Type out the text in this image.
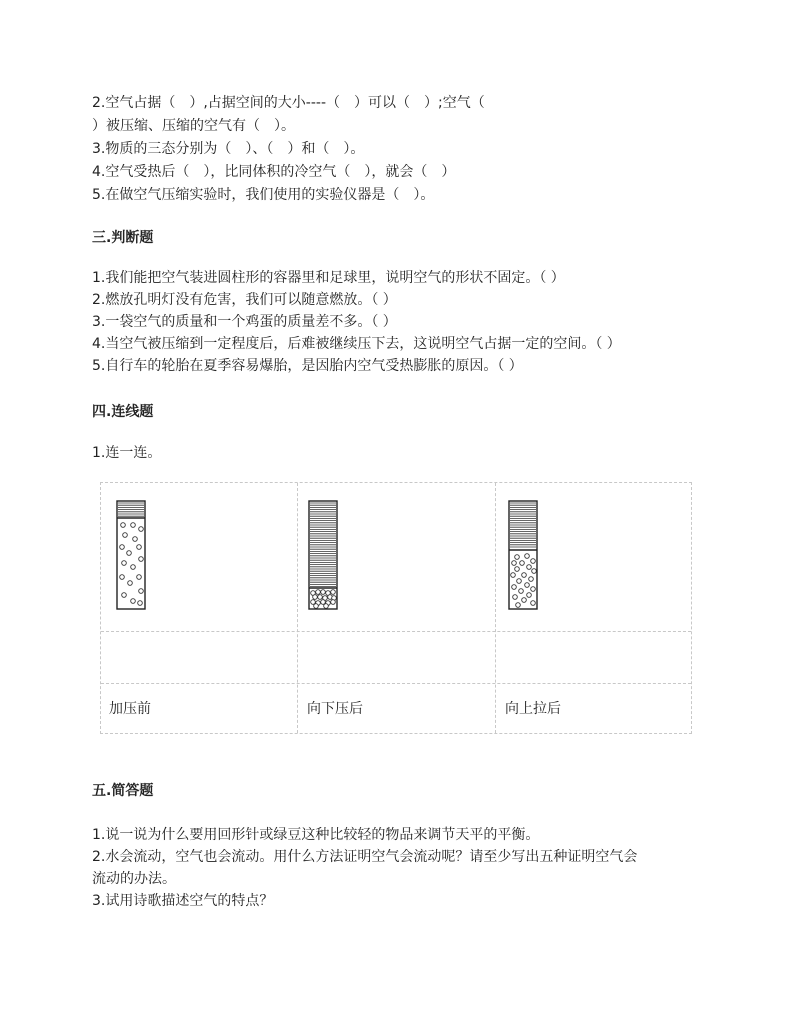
2.空气占据（　）,占据空间的大小----（　）可以（　）;空气（
）被压缩、压缩的空气有（　）。
3.物质的三态分别为（　）、（　）和（　）。
4.空气受热后（　），比同体积的冷空气（　），就会（　）
5.在做空气压缩实验时，我们使用的实验仪器是（　）。
三.判断题
1.我们能把空气装进圆柱形的容器里和足球里，说明空气的形状不固定。（ ）
2.燃放孔明灯没有危害，我们可以随意燃放。（ ）
3.一袋空气的质量和一个鸡蛋的质量差不多。（ ）
4.当空气被压缩到一定程度后，后难被继续压下去，这说明空气占据一定的空间。（ ）
5.自行车的轮胎在夏季容易爆胎，是因胎内空气受热膨胀的原因。（ ）
四.连线题
1.连一连。
加压前	向下压后	向上拉后
五.简答题
1.说一说为什么要用回形针或绿豆这种比较轻的物品来调节天平的平衡。
2.水会流动，空气也会流动。用什么方法证明空气会流动呢？请至少写出五种证明空气会
流动的办法。
3.试用诗歌描述空气的特点？
